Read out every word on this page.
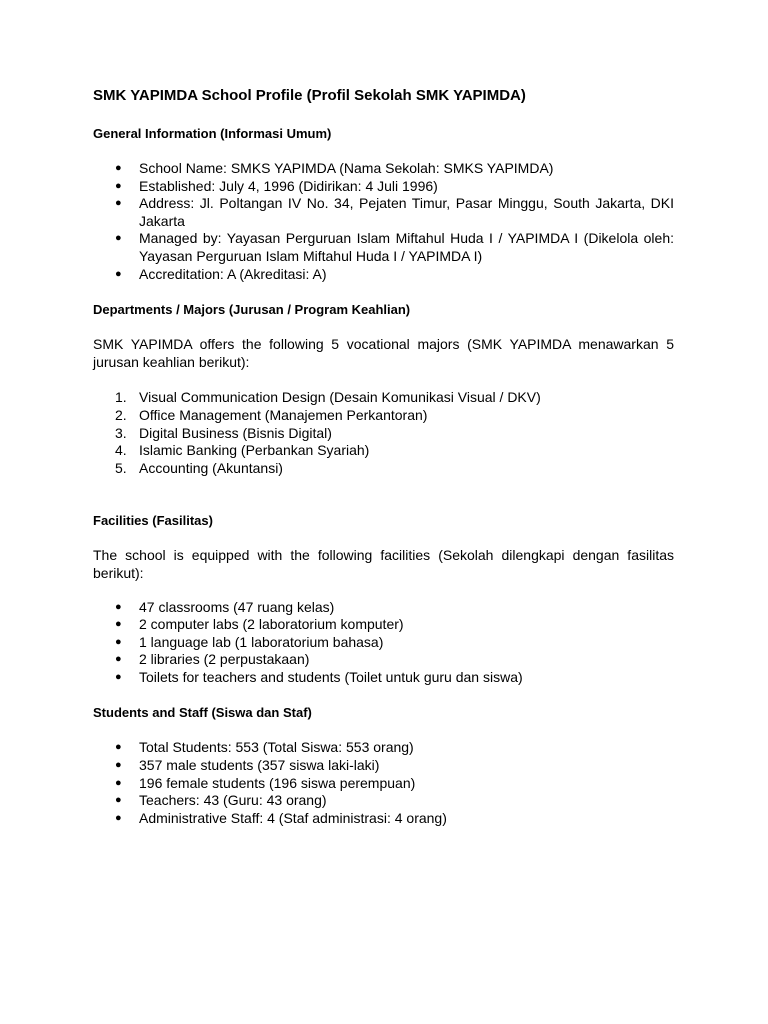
SMK YAPIMDA School Profile (Profil Sekolah SMK YAPIMDA)
General Information (Informasi Umum)
● School Name: SMKS YAPIMDA (Nama Sekolah: SMKS YAPIMDA)
● Established: July 4, 1996 (Didirikan: 4 Juli 1996)
● Address: Jl. Poltangan IV No. 34, Pejaten Timur, Pasar Minggu, South Jakarta, DKI Jakarta
● Managed by: Yayasan Perguruan Islam Miftahul Huda I / YAPIMDA I (Dikelola oleh: Yayasan Perguruan Islam Miftahul Huda I / YAPIMDA I)
● Accreditation: A (Akreditasi: A)
Departments / Majors (Jurusan / Program Keahlian)

SMK YAPIMDA offers the following 5 vocational majors (SMK YAPIMDA menawarkan 5 jurusan keahlian berikut):

1. Visual Communication Design (Desain Komunikasi Visual / DKV)
2. Office Management (Manajemen Perkantoran)
3. Digital Business (Bisnis Digital)
4. Islamic Banking (Perbankan Syariah)
5. Accounting (Akuntansi)
Facilities (Fasilitas)

The school is equipped with the following facilities (Sekolah dilengkapi dengan fasilitas berikut):

● 47 classrooms (47 ruang kelas)
● 2 computer labs (2 laboratorium komputer)
● 1 language lab (1 laboratorium bahasa)
● 2 libraries (2 perpustakaan)
● Toilets for teachers and students (Toilet untuk guru dan siswa)
Students and Staff (Siswa dan Staf)
● Total Students: 553 (Total Siswa: 553 orang)
● 357 male students (357 siswa laki-laki)
● 196 female students (196 siswa perempuan)
● Teachers: 43 (Guru: 43 orang)
● Administrative Staff: 4 (Staf administrasi: 4 orang)
